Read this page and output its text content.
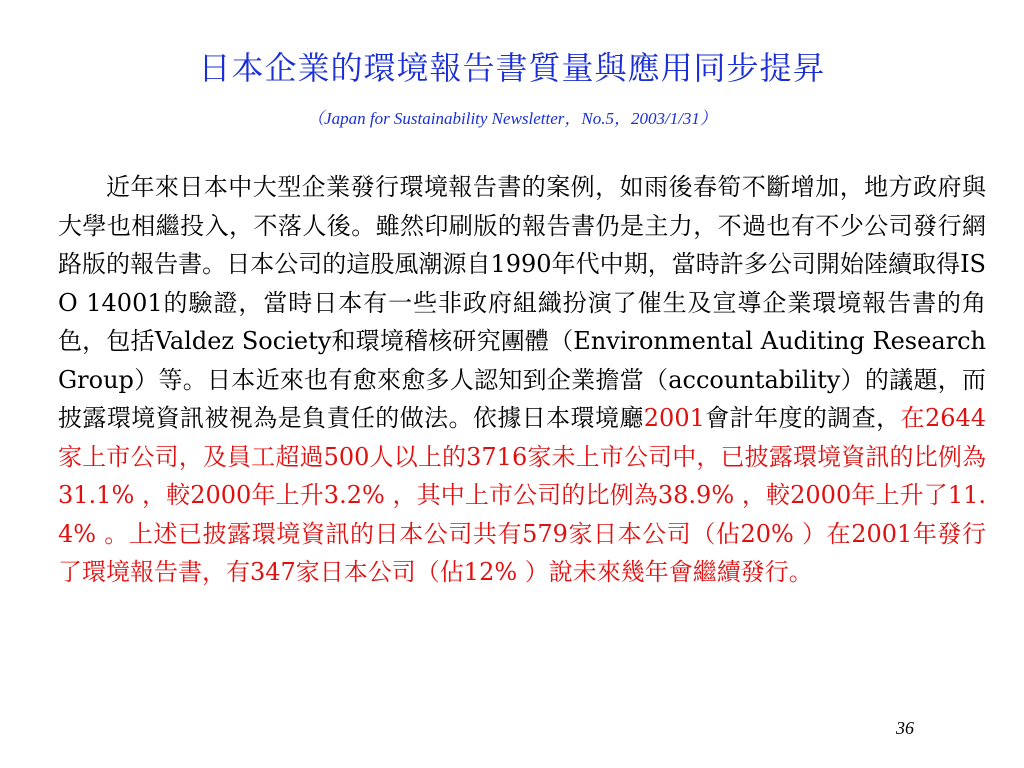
日本企業的環境報告書質量與應用同步提昇
（Japan for Sustainability Newsletter，No.5，2003/1/31）

近年來日本中大型企業發行環境報告書的案例，如雨後春筍不斷增加，地方政府與大學也相繼投入，不落人後。雖然印刷版的報告書仍是主力，不過也有不少公司發行網路版的報告書。日本公司的這股風潮源自1990年代中期，當時許多公司開始陸續取得ISO 14001的驗證，當時日本有一些非政府組織扮演了催生及宣導企業環境報告書的角色，包括Valdez Society和環境稽核研究團體（Environmental Auditing Research Group）等。日本近來也有愈來愈多人認知到企業擔當（accountability）的議題，而披露環境資訊被視為是負責任的做法。依據日本環境廳2001會計年度的調查，在2644家上市公司，及員工超過500人以上的3716家未上市公司中，已披露環境資訊的比例為31.1% ，較2000年上升3.2% ，其中上市公司的比例為38.9% ，較2000年上升了11.4% 。上述已披露環境資訊的日本公司共有579家日本公司（佔20% ）在2001年發行了環境報告書，有347家日本公司（佔12% ）說未來幾年會繼續發行。

36
